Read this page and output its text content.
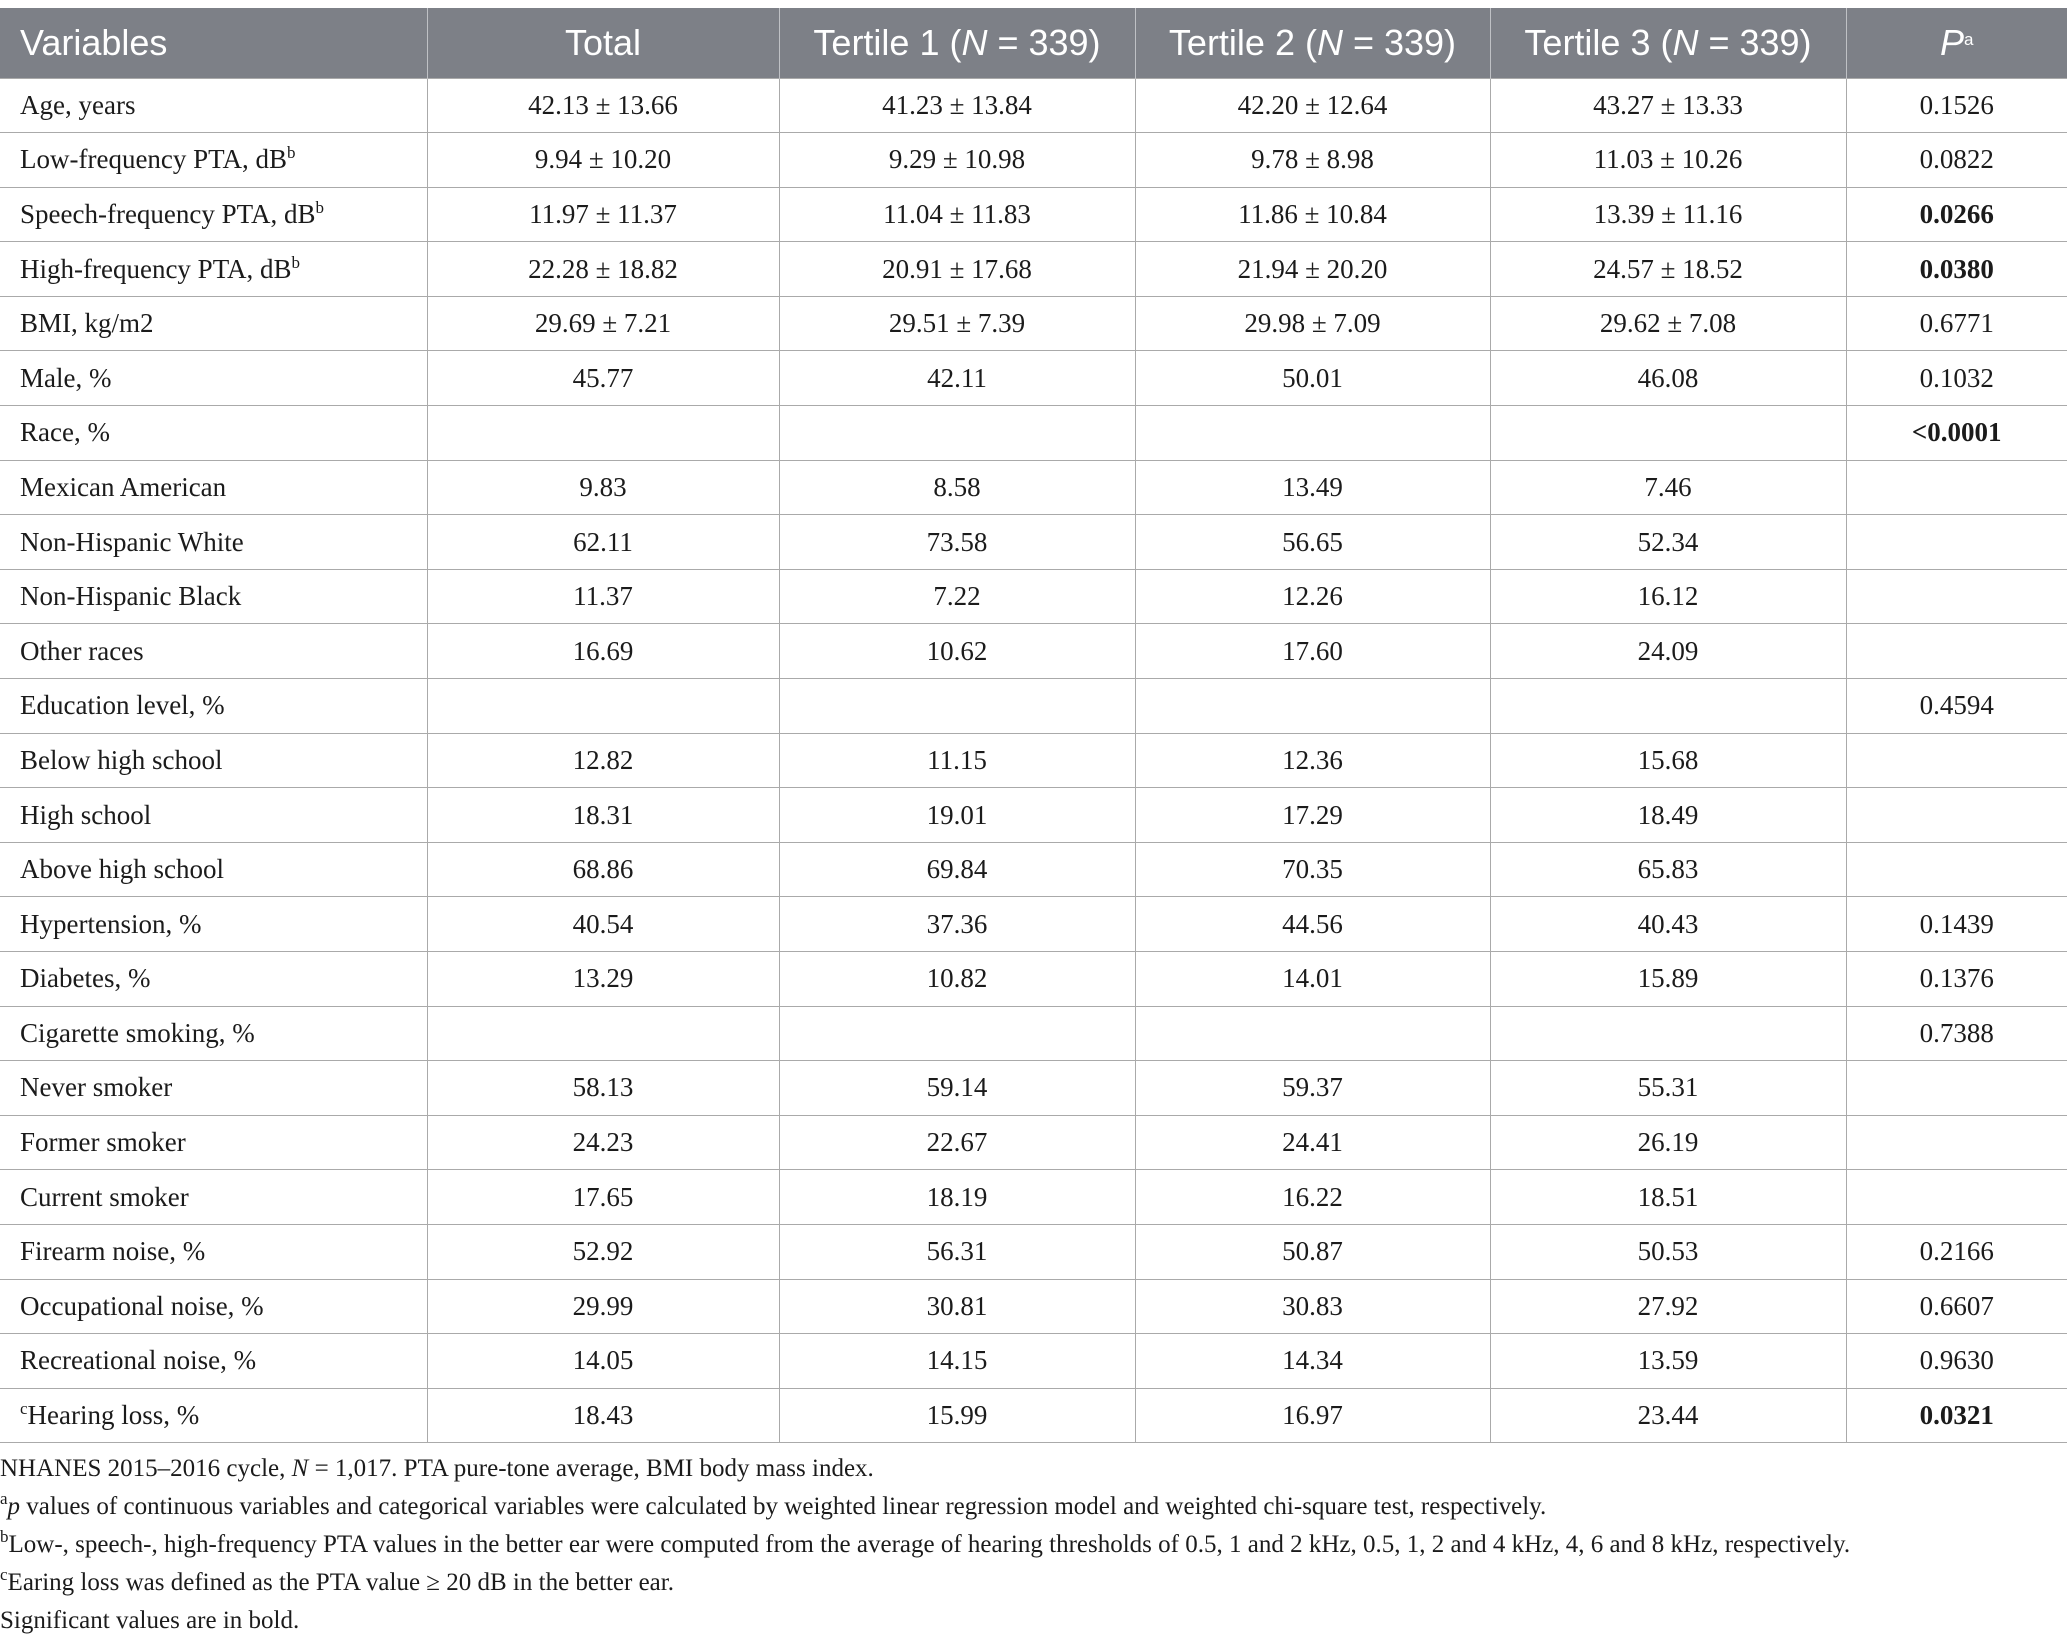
Variables	Total	Tertile 1 (N = 339)	Tertile 2 (N = 339)	Tertile 3 (N = 339)	$P^a$
Age, years	42.13 ± 13.66	41.23 ± 13.84	42.20 ± 12.64	43.27 ± 13.33	0.1526
Low-frequency PTA, $dB^b$	9.94 ± 10.20	9.29 ± 10.98	9.78 ± 8.98	11.03 ± 10.26	0.0822
Speech-frequency PTA, $dB^b$	11.97 ± 11.37	11.04 ± 11.83	11.86 ± 10.84	13.39 ± 11.16	0.0266
High-frequency PTA, $dB^b$	22.28 ± 18.82	20.91 ± 17.68	21.94 ± 20.20	24.57 ± 18.52	0.0380
BMI, kg/m2	29.69 ± 7.21	29.51 ± 7.39	29.98 ± 7.09	29.62 ± 7.08	0.6771
Male, %	45.77	42.11	50.01	46.08	0.1032
Race, %					<0.0001
Mexican American	9.83	8.58	13.49	7.46	
Non-Hispanic White	62.11	73.58	56.65	52.34	
Non-Hispanic Black	11.37	7.22	12.26	16.12	
Other races	16.69	10.62	17.60	24.09	
Education level, %					0.4594
Below high school	12.82	11.15	12.36	15.68	
High school	18.31	19.01	17.29	18.49	
Above high school	68.86	69.84	70.35	65.83	
Hypertension, %	40.54	37.36	44.56	40.43	0.1439
Diabetes, %	13.29	10.82	14.01	15.89	0.1376
Cigarette smoking, %					0.7388
Never smoker	58.13	59.14	59.37	55.31	
Former smoker	24.23	22.67	24.41	26.19	
Current smoker	17.65	18.19	16.22	18.51	
Firearm noise, %	52.92	56.31	50.87	50.53	0.2166
Occupational noise, %	29.99	30.81	30.83	27.92	0.6607
Recreational noise, %	14.05	14.15	14.34	13.59	0.9630
$^c$Hearing loss, %	18.43	15.99	16.97	23.44	0.0321
NHANES 2015–2016 cycle, N = 1,017. PTA pure-tone average, BMI body mass index.
$^a$p values of continuous variables and categorical variables were calculated by weighted linear regression model and weighted chi-square test, respectively.
$^b$Low-, speech-, high-frequency PTA values in the better ear were computed from the average of hearing thresholds of 0.5, 1 and 2 kHz, 0.5, 1, 2 and 4 kHz, 4, 6 and 8 kHz, respectively.
$^c$Earing loss was defined as the PTA value ≥ 20 dB in the better ear.
Significant values are in bold.
